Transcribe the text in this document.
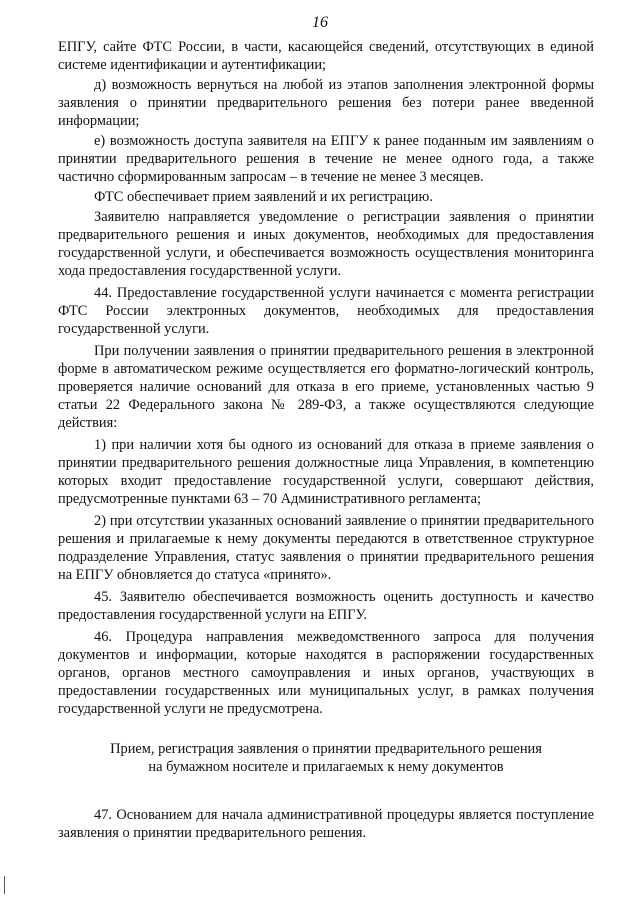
16

ЕПГУ, сайте ФТС России, в части, касающейся сведений, отсутствующих в единой системе идентификации и аутентификации;

д) возможность вернуться на любой из этапов заполнения электронной формы заявления о принятии предварительного решения без потери ранее введенной информации;

е) возможность доступа заявителя на ЕПГУ к ранее поданным им заявлениям о принятии предварительного решения в течение не менее одного года, а также частично сформированным запросам – в течение не менее 3 месяцев.

ФТС обеспечивает прием заявлений и их регистрацию.

Заявителю направляется уведомление о регистрации заявления о принятии предварительного решения и иных документов, необходимых для предоставления государственной услуги, и обеспечивается возможность осуществления мониторинга хода предоставления государственной услуги.

44. Предоставление государственной услуги начинается с момента регистрации ФТС России электронных документов, необходимых для предоставления государственной услуги.

При получении заявления о принятии предварительного решения в электронной форме в автоматическом режиме осуществляется его форматно-логический контроль, проверяется наличие оснований для отказа в его приеме, установленных частью 9 статьи 22 Федерального закона № 289-ФЗ, а также осуществляются следующие действия:

1) при наличии хотя бы одного из оснований для отказа в приеме заявления о принятии предварительного решения должностные лица Управления, в компетенцию которых входит предоставление государственной услуги, совершают действия, предусмотренные пунктами 63 – 70 Административного регламента;

2) при отсутствии указанных оснований заявление о принятии предварительного решения и прилагаемые к нему документы передаются в ответственное структурное подразделение Управления, статус заявления о принятии предварительного решения на ЕПГУ обновляется до статуса «принято».

45. Заявителю обеспечивается возможность оценить доступность и качество предоставления государственной услуги на ЕПГУ.

46. Процедура направления межведомственного запроса для получения документов и информации, которые находятся в распоряжении государственных органов, органов местного самоуправления и иных органов, участвующих в предоставлении государственных или муниципальных услуг, в рамках получения государственной услуги не предусмотрена.

Прием, регистрация заявления о принятии предварительного решения
на бумажном носителе и прилагаемых к нему документов

47. Основанием для начала административной процедуры является поступление заявления о принятии предварительного решения.
